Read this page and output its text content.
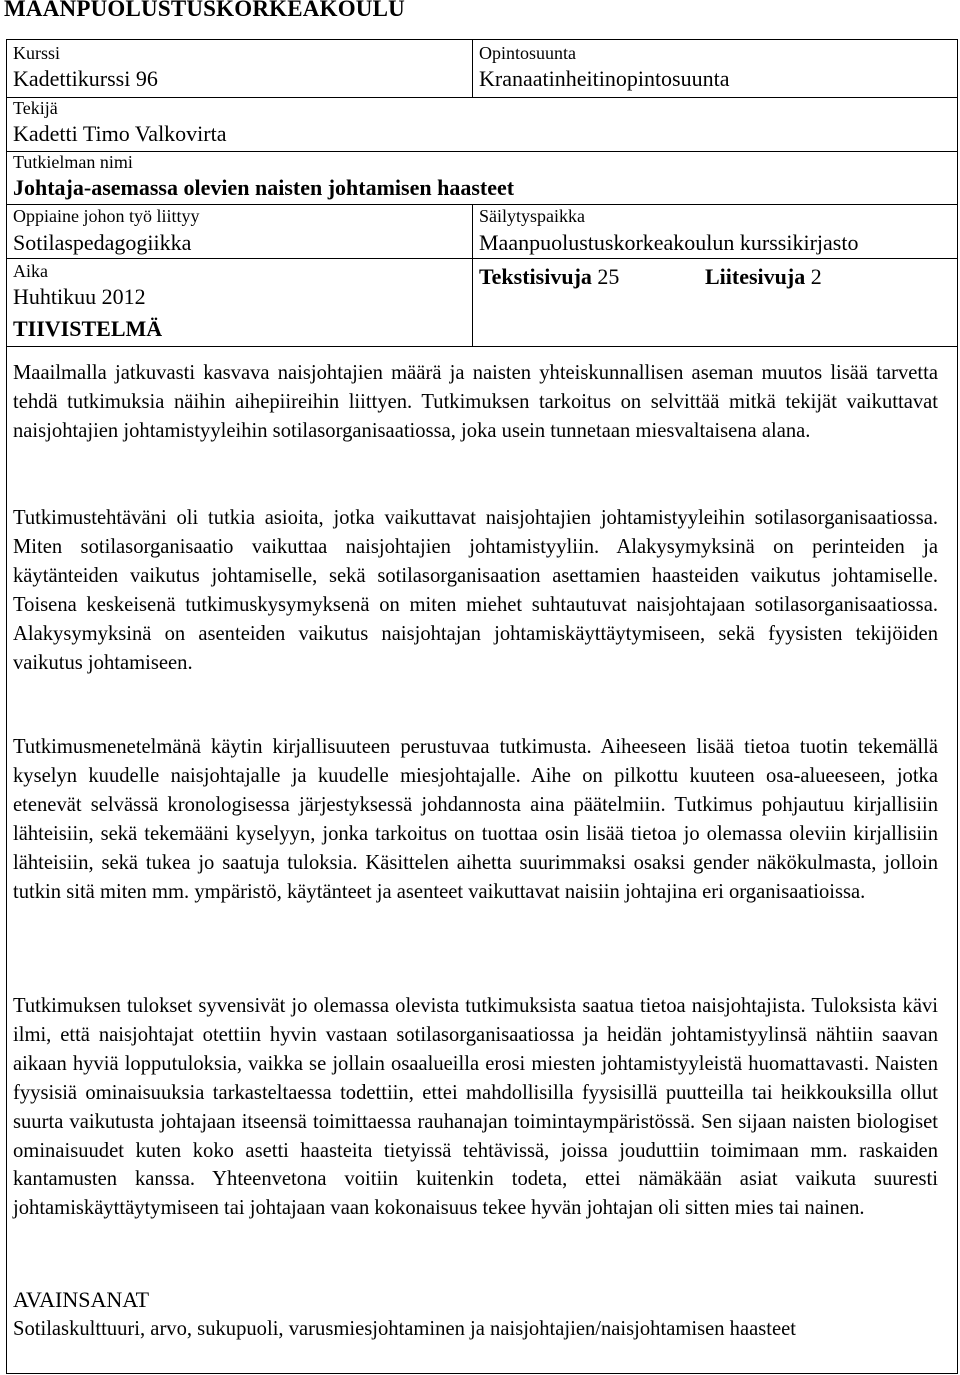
MAANPUOLUSTUSKORKEAKOULU
Kurssi
Kadettikurssi 96
Opintosuunta
Kranaatinheitinopintosuunta
Tekijä
Kadetti Timo Valkovirta
Tutkielman nimi
Johtaja-asemassa olevien naisten johtamisen haasteet
Oppiaine johon työ liittyy
Sotilaspedagogiikka
Säilytyspaikka
Maanpuolustuskorkeakoulun kurssikirjasto
Aika
Huhtikuu 2012
Tekstisivuja 25	Liitesivuja 2
TIIVISTELMÄ

Maailmalla jatkuvasti kasvava naisjohtajien määrä ja naisten yhteiskunnallisen aseman muutos lisää tarvetta tehdä tutkimuksia näihin aihepiireihin liittyen. Tutkimuksen tarkoitus on selvittää mitkä tekijät vaikuttavat naisjohtajien johtamistyyleihin sotilasorganisaatiossa, joka usein tunnetaan miesvaltaisena alana.

Tutkimustehtäväni oli tutkia asioita, jotka vaikuttavat naisjohtajien johtamistyyleihin sotilasorganisaatiossa. Miten sotilasorganisaatio vaikuttaa naisjohtajien johtamistyyliin. Alakysymyksinä on perinteiden ja käytänteiden vaikutus johtamiselle, sekä sotilasorganisaation asettamien haasteiden vaikutus johtamiselle. Toisena keskeisenä tutkimuskysymyksenä on miten miehet suhtautuvat naisjohtajaan sotilasorganisaatiossa. Alakysymyksinä on asenteiden vaikutus naisjohtajan johtamiskäyttäytymiseen, sekä fyysisten tekijöiden vaikutus johtamiseen.

Tutkimusmenetelmänä käytin kirjallisuuteen perustuvaa tutkimusta. Aiheeseen lisää tietoa tuotin tekemällä kyselyn kuudelle naisjohtajalle ja kuudelle miesjohtajalle. Aihe on pilkottu kuuteen osa-alueeseen, jotka etenevät selvässä kronologisessa järjestyksessä johdannosta aina päätelmiin. Tutkimus pohjautuu kirjallisiin lähteisiin, sekä tekemääni kyselyyn, jonka tarkoitus on tuottaa osin lisää tietoa jo olemassa oleviin kirjallisiin lähteisiin, sekä tukea jo saatuja tuloksia. Käsittelen aihetta suurimmaksi osaksi gender näkökulmasta, jolloin tutkin sitä miten mm. ympäristö, käytänteet ja asenteet vaikuttavat naisiin johtajina eri organisaatioissa.

Tutkimuksen tulokset syvensivät jo olemassa olevista tutkimuksista saatua tietoa naisjohtajista. Tuloksista kävi ilmi, että naisjohtajat otettiin hyvin vastaan sotilasorganisaatiossa ja heidän johtamistyylinsä nähtiin saavan aikaan hyviä lopputuloksia, vaikka se jollain osaalueilla erosi miesten johtamistyyleistä huomattavasti. Naisten fyysisiä ominaisuuksia tarkasteltaessa todettiin, ettei mahdollisilla fyysisillä puutteilla tai heikkouksilla ollut suurta vaikutusta johtajaan itseensä toimittaessa rauhanajan toimintaympäristössä. Sen sijaan naisten biologiset ominaisuudet kuten koko asetti haasteita tietyissä tehtävissä, joissa jouduttiin toimimaan mm. raskaiden kantamusten kanssa. Yhteenvetona voitiin kuitenkin todeta, ettei nämäkään asiat vaikuta suuresti johtamiskäyttäytymiseen tai johtajaan vaan kokonaisuus tekee hyvän johtajan oli sitten mies tai nainen.

AVAINSANAT

Sotilaskulttuuri, arvo, sukupuoli, varusmiesjohtaminen ja naisjohtajien/naisjohtamisen haasteet
